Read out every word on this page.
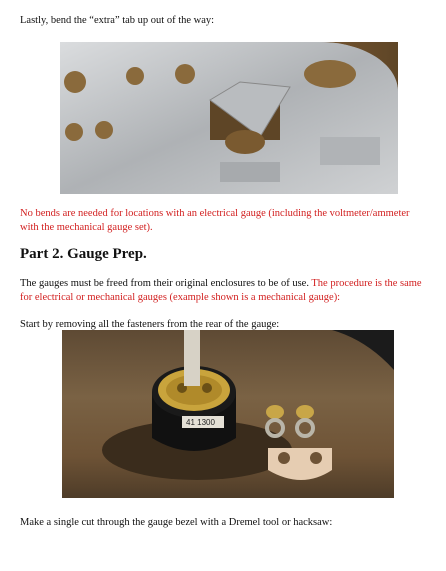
Lastly, bend the “extra” tab up out of the way:

No bends are needed for locations with an electrical gauge (including the voltmeter/ammeter with the mechanical gauge set).

Part 2. Gauge Prep.

The gauges must be freed from their original enclosures to be of use. The procedure is the same for electrical or mechanical gauges (example shown is a mechanical gauge):

Start by removing all the fasteners from the rear of the gauge:

41 1300

Make a single cut through the gauge bezel with a Dremel tool or hacksaw:
